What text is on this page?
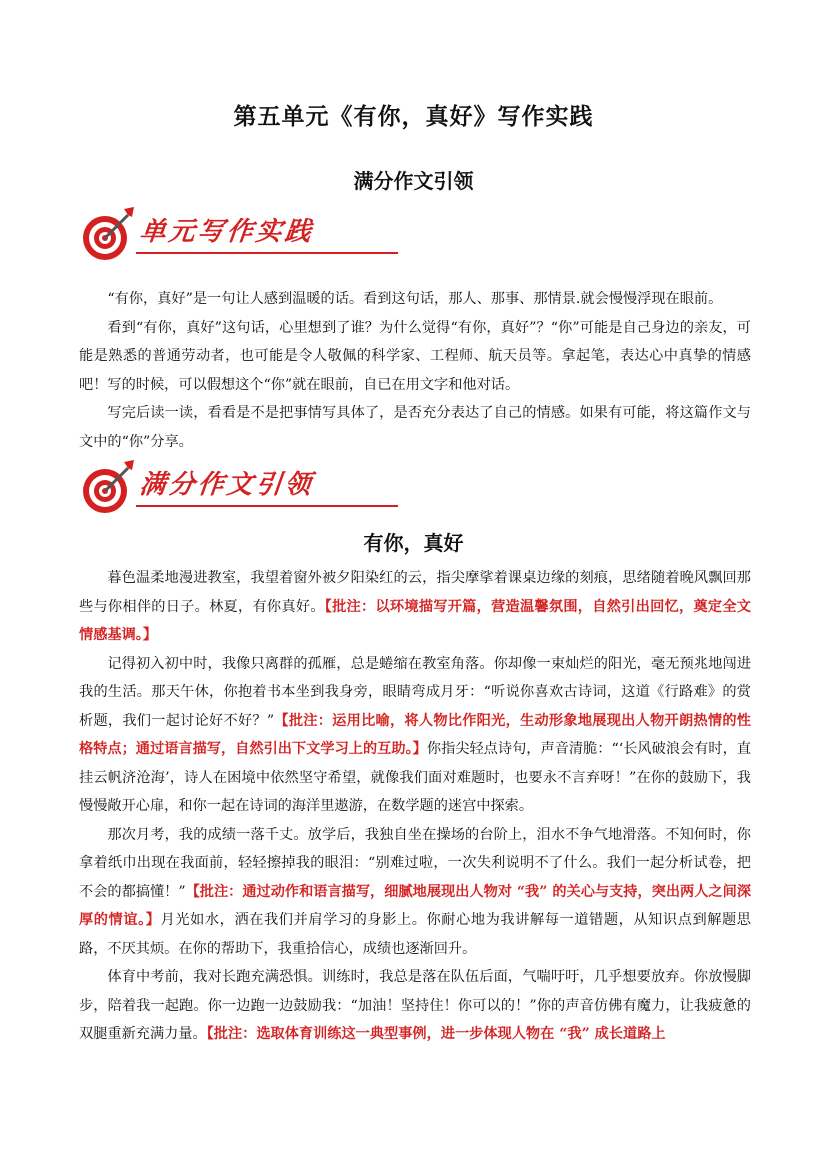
第五单元《有你，真好》写作实践
满分作文引领
单元写作实践

“有你，真好”是一句让人感到温暖的话。看到这句话，那人、那事、那情景.就会慢慢浮现在眼前。

看到“有你，真好”这句话，心里想到了谁？为什么觉得“有你，真好”？“你”可能是自己身边的亲友，可能是熟悉的普通劳动者，也可能是令人敬佩的科学家、工程师、航天员等。拿起笔，表达心中真挚的情感吧！写的时候，可以假想这个“你”就在眼前，自已在用文字和他对话。

写完后读一读，看看是不是把事情写具体了，是否充分表达了自己的情感。如果有可能，将这篇作文与文中的“你”分享。

满分作文引领
有你，真好

暮色温柔地漫进教室，我望着窗外被夕阳染红的云，指尖摩挲着课桌边缘的刻痕，思绪随着晚风飘回那些与你相伴的日子。林夏，有你真好。【批注：以环境描写开篇，营造温馨氛围，自然引出回忆，奠定全文情感基调。】

记得初入初中时，我像只离群的孤雁，总是蜷缩在教室角落。你却像一束灿烂的阳光，毫无预兆地闯进我的生活。那天午休，你抱着书本坐到我身旁，眼睛弯成月牙：“听说你喜欢古诗词，这道《行路难》的赏析题，我们一起讨论好不好？”【批注：运用比喻，将人物比作阳光，生动形象地展现出人物开朗热情的性格特点；通过语言描写，自然引出下文学习上的互助。】你指尖轻点诗句，声音清脆：“‘长风破浪会有时，直挂云帆济沧海’，诗人在困境中依然坚守希望，就像我们面对难题时，也要永不言弃呀！”在你的鼓励下，我慢慢敞开心扉，和你一起在诗词的海洋里遨游，在数学题的迷宫中探索。

那次月考，我的成绩一落千丈。放学后，我独自坐在操场的台阶上，泪水不争气地滑落。不知何时，你拿着纸巾出现在我面前，轻轻擦掉我的眼泪：“别难过啦，一次失利说明不了什么。我们一起分析试卷，把不会的都搞懂！”【批注：通过动作和语言描写，细腻地展现出人物对 “我” 的关心与支持，突出两人之间深厚的情谊。】月光如水，洒在我们并肩学习的身影上。你耐心地为我讲解每一道错题，从知识点到解题思路，不厌其烦。在你的帮助下，我重拾信心，成绩也逐渐回升。

体育中考前，我对长跑充满恐惧。训练时，我总是落在队伍后面，气喘吁吁，几乎想要放弃。你放慢脚步，陪着我一起跑。你一边跑一边鼓励我：“加油！坚持住！你可以的！”你的声音仿佛有魔力，让我疲惫的双腿重新充满力量。【批注：选取体育训练这一典型事例，进一步体现人物在 “我” 成长道路上
